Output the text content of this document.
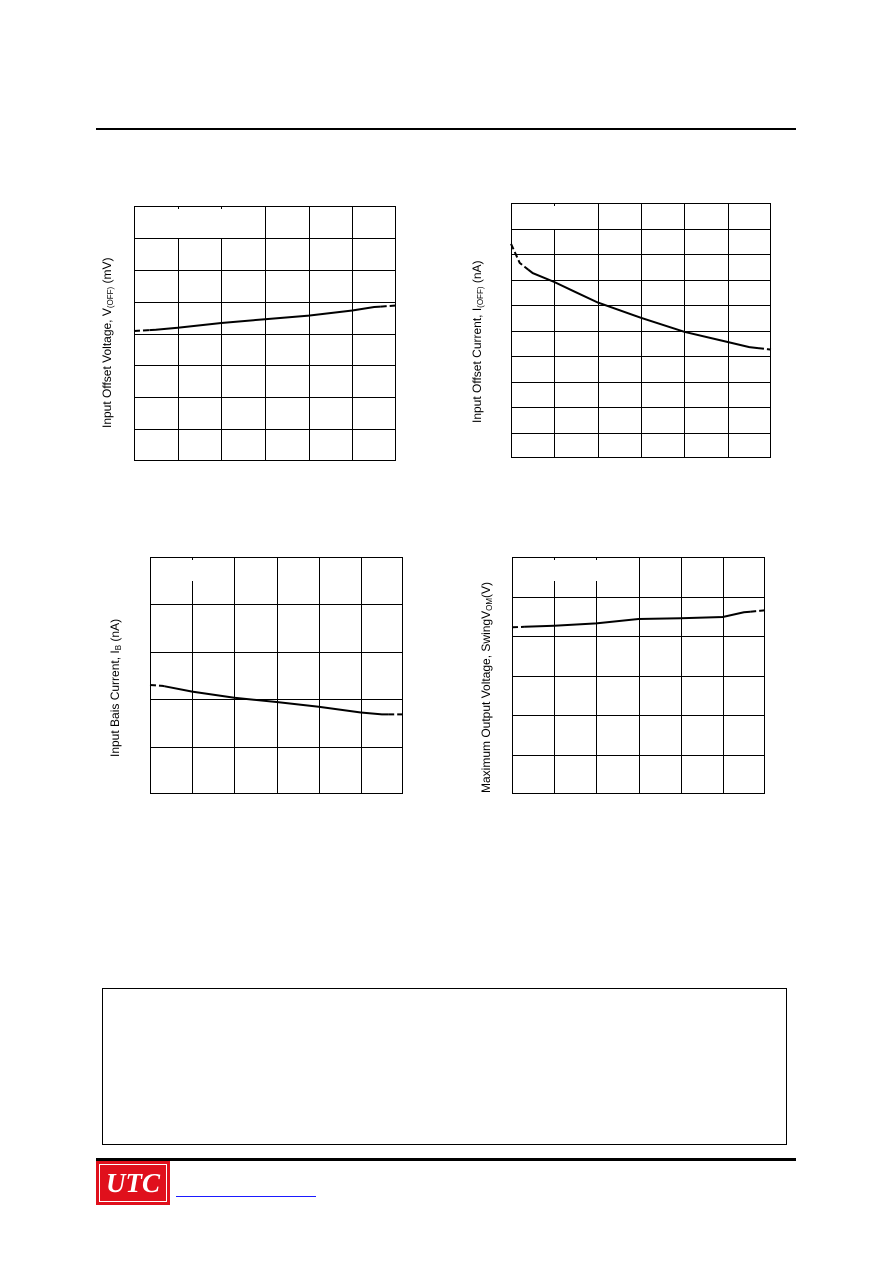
Input Offset Voltage, $V_{(OFF)}$ (mV)
Input Offset Current, $I_{(OFF)}$ (nA)
Input Bais Current, $I_B$ (nA)	Maximum Output Voltage, SwingV$_{OM}$(V)
UTC
